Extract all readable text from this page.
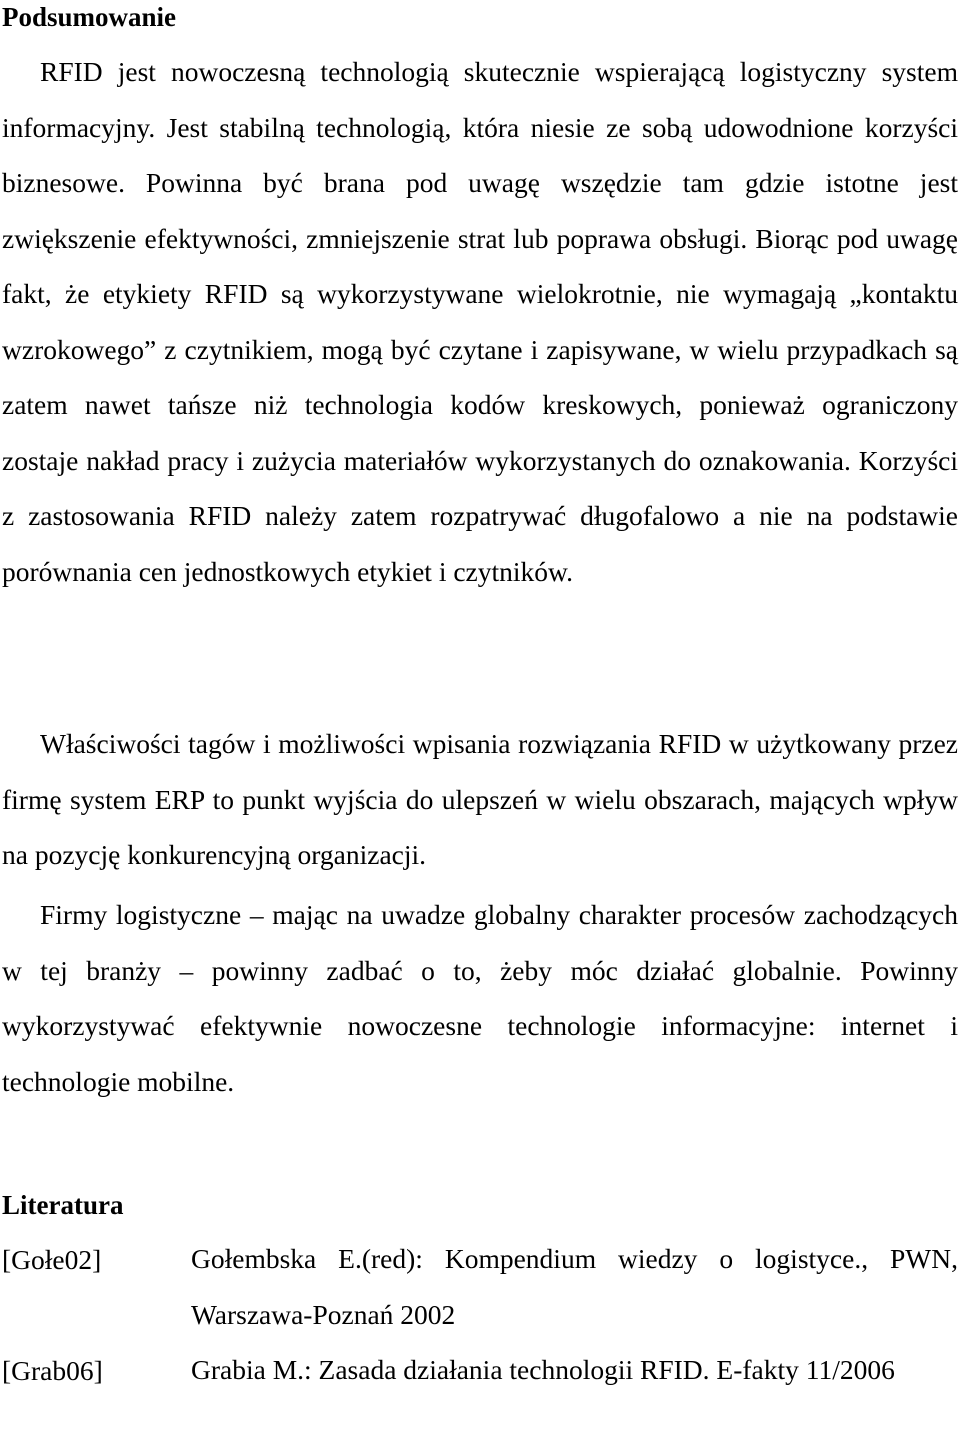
Podsumowanie

RFID jest nowoczesną technologią skutecznie wspierającą logistyczny system informacyjny. Jest stabilną technologią, która niesie ze sobą udowodnione korzyści biznesowe. Powinna być brana pod uwagę wszędzie tam gdzie istotne jest zwiększenie efektywności, zmniejszenie strat lub poprawa obsługi. Biorąc pod uwagę fakt, że etykiety RFID są wykorzystywane wielokrotnie, nie wymagają „kontaktu wzrokowego” z czytnikiem, mogą być czytane i zapisywane, w wielu przypadkach są zatem nawet tańsze niż technologia kodów kreskowych, ponieważ ograniczony zostaje nakład pracy i zużycia materiałów wykorzystanych do oznakowania. Korzyści z zastosowania RFID należy zatem rozpatrywać długofalowo a nie na podstawie porównania cen jednostkowych etykiet i czytników.

Właściwości tagów i możliwości wpisania rozwiązania RFID w użytkowany przez firmę system ERP to punkt wyjścia do ulepszeń w wielu obszarach, mających wpływ na pozycję konkurencyjną organizacji.

Firmy logistyczne – mając na uwadze globalny charakter procesów zachodzących w tej branży – powinny zadbać o to, żeby móc działać globalnie. Powinny wykorzystywać efektywnie nowoczesne technologie informacyjne: internet i technologie mobilne.

Literatura
[Gołe02]	Gołembska E.(red): Kompendium wiedzy o logistyce., PWN, Warszawa-Poznań 2002

[Grab06]	Grabia M.: Zasada działania technologii RFID. E-fakty 11/2006
